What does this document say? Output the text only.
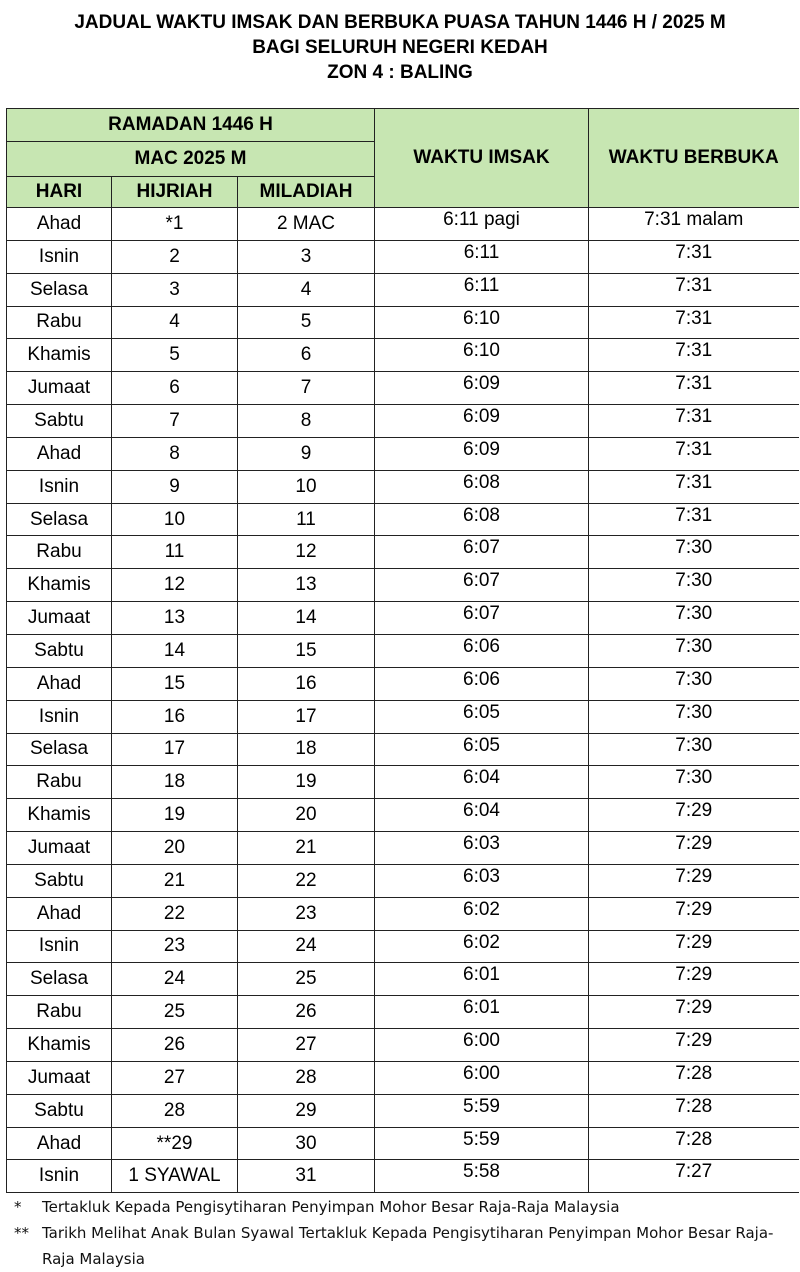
JADUAL WAKTU IMSAK DAN BERBUKA PUASA TAHUN 1446 H / 2025 M
BAGI SELURUH NEGERI KEDAH
ZON 4 : BALING
RAMADAN 1446 H			WAKTU IMSAK	WAKTU BERBUKA
MAC 2025 M				
HARI	HIJRIAH	MILADIAH		
Ahad	*1	2 MAC	6:11 pagi	7:31 malam
Isnin	2	3	6:11	7:31
Selasa	3	4	6:11	7:31
Rabu	4	5	6:10	7:31
Khamis	5	6	6:10	7:31
Jumaat	6	7	6:09	7:31
Sabtu	7	8	6:09	7:31
Ahad	8	9	6:09	7:31
Isnin	9	10	6:08	7:31
Selasa	10	11	6:08	7:31
Rabu	11	12	6:07	7:30
Khamis	12	13	6:07	7:30
Jumaat	13	14	6:07	7:30
Sabtu	14	15	6:06	7:30
Ahad	15	16	6:06	7:30
Isnin	16	17	6:05	7:30
Selasa	17	18	6:05	7:30
Rabu	18	19	6:04	7:30
Khamis	19	20	6:04	7:29
Jumaat	20	21	6:03	7:29
Sabtu	21	22	6:03	7:29
Ahad	22	23	6:02	7:29
Isnin	23	24	6:02	7:29
Selasa	24	25	6:01	7:29
Rabu	25	26	6:01	7:29
Khamis	26	27	6:00	7:29
Jumaat	27	28	6:00	7:28
Sabtu	28	29	5:59	7:28
Ahad	**29	30	5:59	7:28
Isnin	1 SYAWAL	31	5:58	7:27
*	Tertakluk Kepada Pengisytiharan Penyimpan Mohor Besar Raja-Raja Malaysia
** Tarikh Melihat Anak Bulan Syawal Tertakluk Kepada Pengisytiharan Penyimpan Mohor Besar Raja-Raja Malaysia
